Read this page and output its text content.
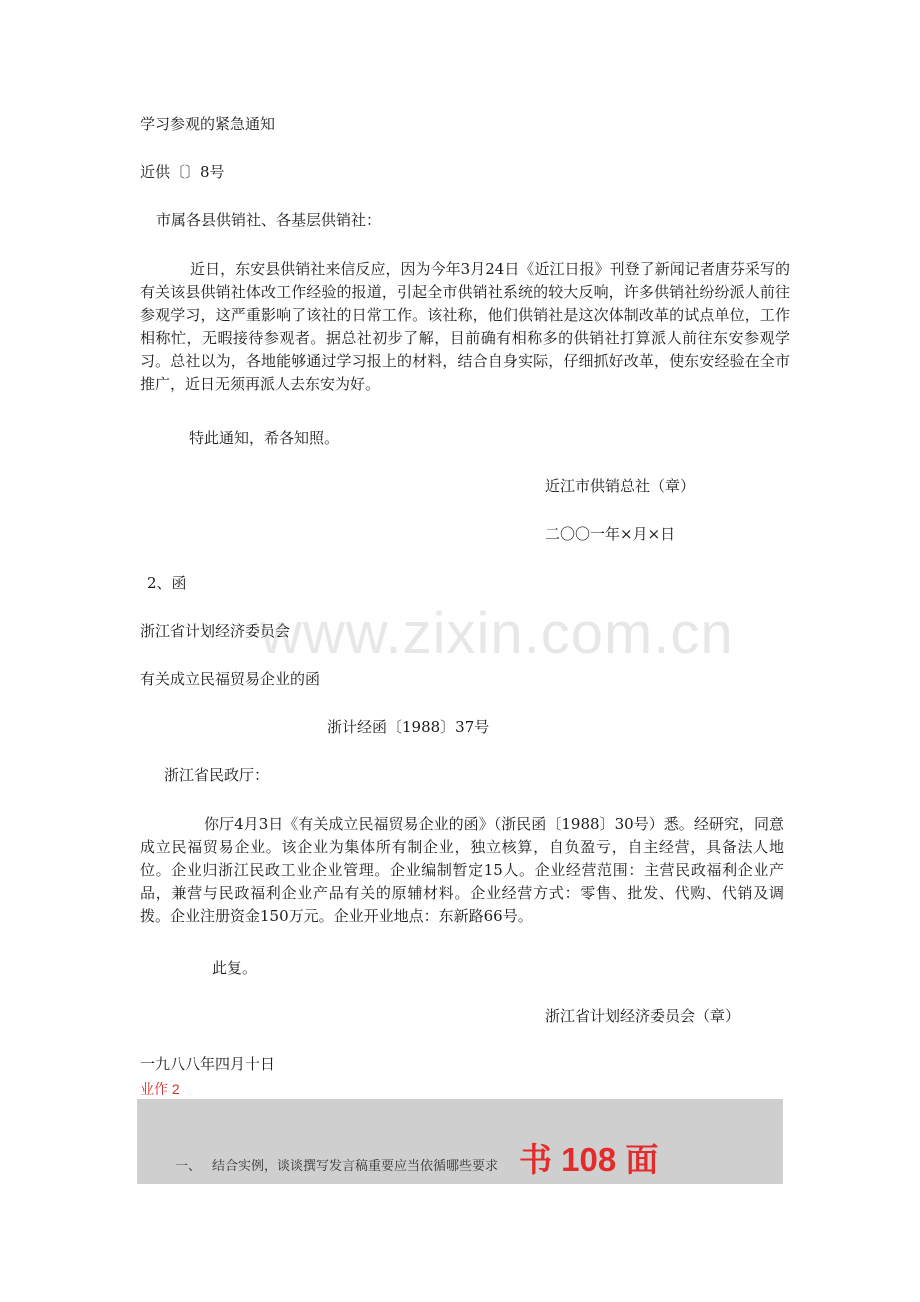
学习参观的紧急通知
近供〔〕8号
市属各县供销社、各基层供销社：
近日，东安县供销社来信反应，因为今年3月24日《近江日报》刊登了新闻记者唐芬采写的有关该县供销社体改工作经验的报道，引起全市供销社系统的较大反响，许多供销社纷纷派人前往参观学习，这严重影响了该社的日常工作。该社称，他们供销社是这次体制改革的试点单位，工作相称忙，无暇接待参观者。据总社初步了解，目前确有相称多的供销社打算派人前往东安参观学习。总社以为，各地能够通过学习报上的材料，结合自身实际，仔细抓好改革，使东安经验在全市推广，近日无须再派人去东安为好。
特此通知，希各知照。
近江市供销总社（章）
二〇〇一年×月×日
2、函
浙江省计划经济委员会
有关成立民福贸易企业的函
浙计经函〔1988〕37号
浙江省民政厅：
你厅4月3日《有关成立民福贸易企业的函》（浙民函〔1988〕30号）悉。经研究，同意成立民福贸易企业。该企业为集体所有制企业，独立核算，自负盈亏，自主经营，具备法人地位。企业归浙江民政工业企业管理。企业编制暂定15人。企业经营范围：主营民政福利企业产品，兼营与民政福利企业产品有关的原辅材料。企业经营方式：零售、批发、代购、代销及调拨。企业注册资金150万元。企业开业地点：东新路66号。
此复。
浙江省计划经济委员会（章）
一九八八年四月十日
www.zixin.com.cn
业作 2
一、 结合实例，谈谈撰写发言稿重要应当依循哪些要求 书 108 面
